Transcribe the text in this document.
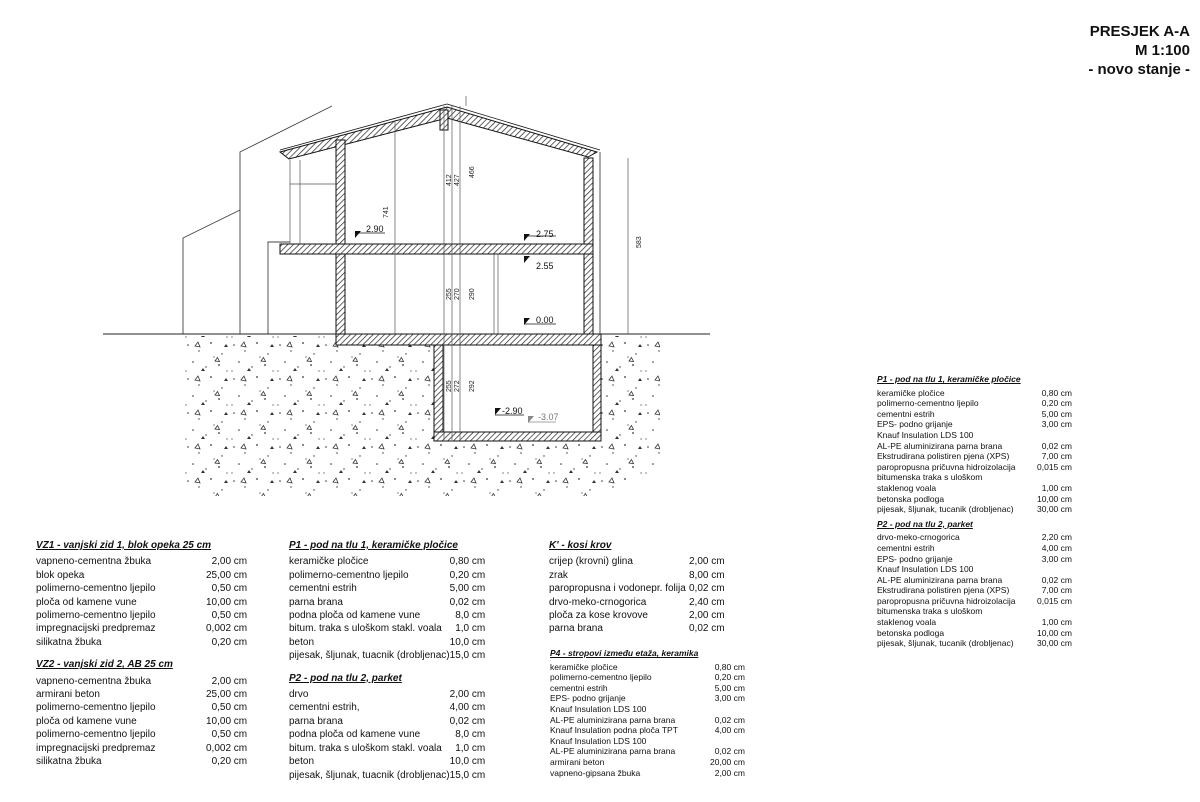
PRESJEK A-A
M 1:100
- novo stanje -
741
412 427
466
583
255 270 290
255 272 292
2.90	2.75
2.55
0.00
-2.90
-3.07
VZ1 - vanjski zid 1, blok opeka 25 cm
vapneno-cementna žbuka	2,00 cm
blok opeka	25,00 cm
polimerno-cementno ljepilo	0,50 cm
ploča od kamene vune	10,00 cm
polimerno-cementno ljepilo	0,50 cm
impregnacijski predpremaz	0,002 cm
silikatna žbuka	0,20 cm
VZ2 - vanjski zid 2, AB 25 cm
vapneno-cementna žbuka	2,00 cm
armirani beton	25,00 cm
polimerno-cementno ljepilo	0,50 cm
ploča od kamene vune	10,00 cm
polimerno-cementno ljepilo	0,50 cm
impregnacijski predpremaz	0,002 cm
silikatna žbuka	0,20 cm
P1 - pod na tlu 1, keramičke pločice
keramičke pločice	0,80 cm
polimerno-cementno ljepilo	0,20 cm
cementni estrih	5,00 cm
parna brana	0,02 cm
podna ploča od kamene vune	8,0 cm
bitum. traka s uloškom stakl. voala	1,0 cm
beton	10,0 cm
pijesak, šljunak, tuacnik (drobljenac)	15,0 cm
P2 - pod na tlu 2, parket
drvo	2,00 cm
cementni estrih,	4,00 cm
parna brana	0,02 cm
podna ploča od kamene vune	8,0 cm
bitum. traka s uloškom stakl. voala	1,0 cm
beton	10,0 cm
pijesak, šljunak, tuacnik (drobljenac)	15,0 cm
K' - kosi krov
crijep (krovni) glina	2,00 cm
zrak	8,00 cm
paropropusna i vodonepr. folija	0,02 cm
drvo-meko-crnogorica	2,40 cm
ploča za kose krovove	2,00 cm
parna brana	0,02 cm
P4 - stropovi između etaža, keramika
keramičke pločice	0,80 cm
polimerno-cementno ljepilo	0,20 cm
cementni estrih	5,00 cm
EPS- podno grijanje	3,00 cm
Knauf Insulation LDS 100	
AL-PE aluminizirana parna brana	0,02 cm
Knauf Insulation podna ploča TPT	4,00 cm
Knauf Insulation LDS 100	
AL-PE aluminizirana parna brana	0,02 cm
armirani beton	20,00 cm
vapneno-gipsana žbuka	2,00 cm
P1 - pod na tlu 1, keramičke pločice
keramičke pločice	0,80 cm
polimerno-cementno ljepilo	0,20 cm
cementni estrih	5,00 cm
EPS- podno grijanje	3,00 cm
Knauf Insulation LDS 100	
AL-PE aluminizirana parna brana	0,02 cm
Ekstrudirana polistiren pjena (XPS)	7,00 cm
paropropusna pričuvna hidroizolacija	0,015 cm
bitumenska traka s uloškom	
staklenog voala	1,00 cm
betonska podloga	10,00 cm
pijesak, šljunak, tucanik (drobljenac)	30,00 cm
P2 - pod na tlu 2, parket
drvo-meko-crnogorica	2,20 cm
cementni estrih	4,00 cm
EPS- podno grijanje	3,00 cm
Knauf Insulation LDS 100	
AL-PE aluminizirana parna brana	0,02 cm
Ekstrudirana polistiren pjena (XPS)	7,00 cm
paropropusna pričuvna hidroizolacija	0,015 cm
bitumenska traka s uloškom	
staklenog voala	1,00 cm
betonska podloga	10,00 cm
pijesak, šljunak, tucanik (drobljenac)	30,00 cm
